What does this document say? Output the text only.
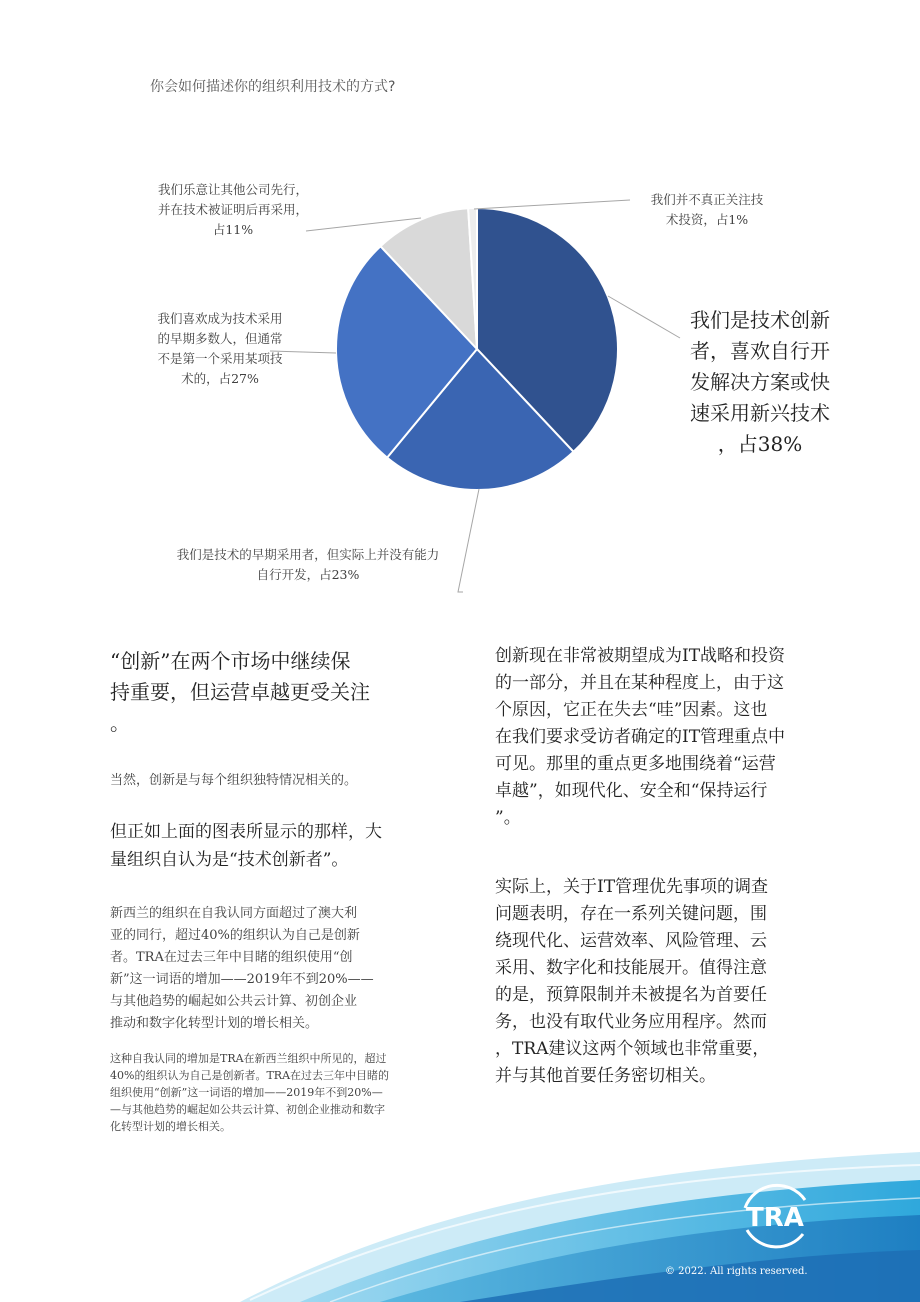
你会如何描述你的组织利用技术的方式?
我们乐意让其他公司先行，
并在技术被证明后再采用，
占11%
我们并不真正关注技
术投资，占1%
我们喜欢成为技术采用
的早期多数人，但通常
不是第一个采用某项技
术的，占27%
我们是技术创新
者，喜欢自行开
发解决方案或快
速采用新兴技术
，占38%
我们是技术的早期采用者，但实际上并没有能力
自行开发，占23%
“创新”在两个市场中继续保
持重要，但运营卓越更受关注
。
当然，创新是与每个组织独特情况相关的。
但正如上面的图表所显示的那样，大
量组织自认为是“技术创新者”。
新西兰的组织在自我认同方面超过了澳大利
亚的同行，超过40%的组织认为自己是创新
者。TRA在过去三年中目睹的组织使用“创
新”这一词语的增加——2019年不到20%——
与其他趋势的崛起如公共云计算、初创企业
推动和数字化转型计划的增长相关。
这种自我认同的增加是TRA在新西兰组织中所见的，超过
40%的组织认为自己是创新者。TRA在过去三年中目睹的
组织使用“创新”这一词语的增加——2019年不到20%—
—与其他趋势的崛起如公共云计算、初创企业推动和数字
化转型计划的增长相关。
创新现在非常被期望成为IT战略和投资
的一部分，并且在某种程度上，由于这
个原因，它正在失去“哇”因素。这也
在我们要求受访者确定的IT管理重点中
可见。那里的重点更多地围绕着“运营
卓越”，如现代化、安全和“保持运行
”。
实际上，关于IT管理优先事项的调查
问题表明，存在一系列关键问题，围
绕现代化、运营效率、风险管理、云
采用、数字化和技能展开。值得注意
的是，预算限制并未被提名为首要任
务，也没有取代业务应用程序。然而
，TRA建议这两个领域也非常重要，
并与其他首要任务密切相关。
TRA
© 2022. All rights reserved.
